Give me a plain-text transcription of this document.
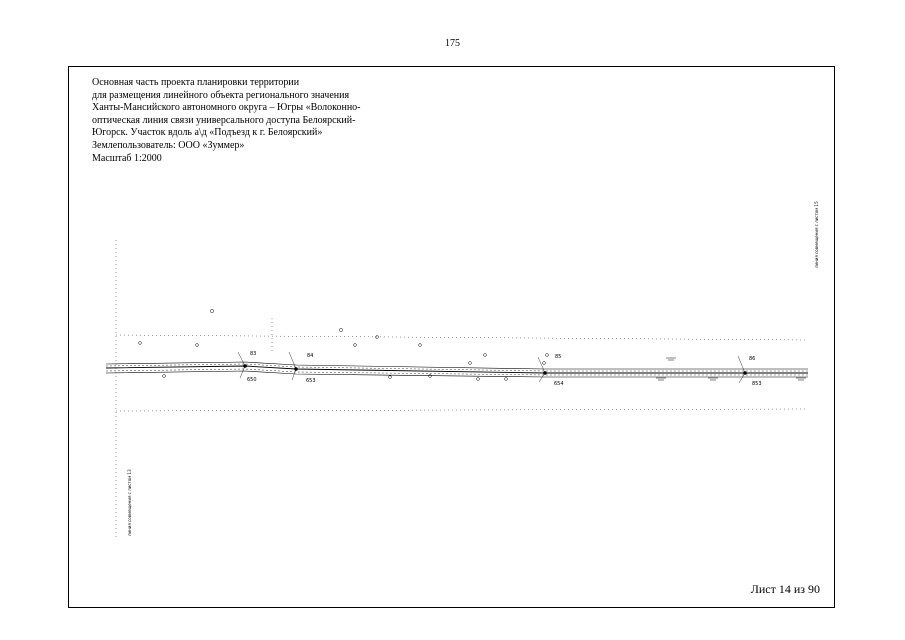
175
Основная часть проекта планировки территории
для размещения линейного объекта регионального значения
Ханты-Мансийского автономного округа – Югры «Волоконно-
оптическая линия связи универсального доступа Белоярский-
Югорск. Участок вдоль а\д «Подъезд к г. Белоярский»
Землепользователь: ООО «Зуммер»
Масштаб 1:2000
83
650
84
653
85
654
86
853
линия совмещения с листом 15
линия совмещения с листом 13
Лист 14 из 90
